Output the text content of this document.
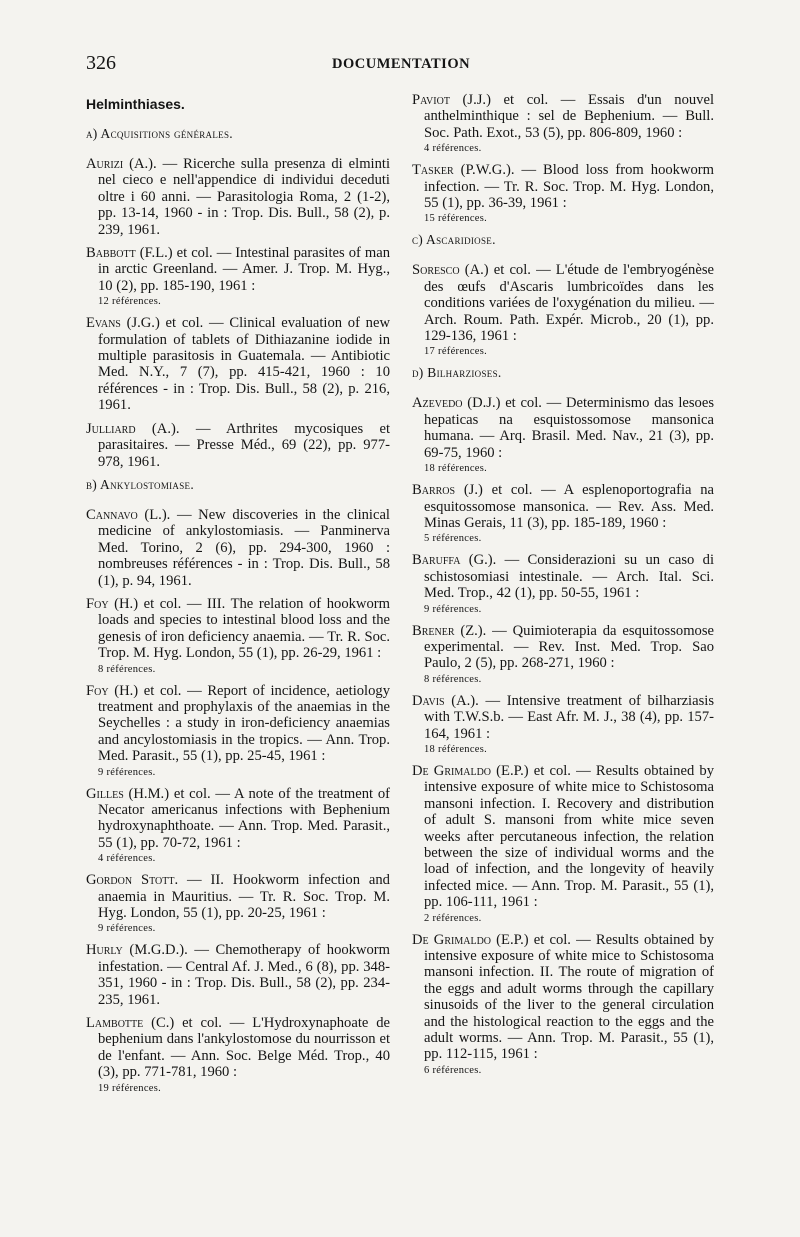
326	DOCUMENTATION
Helminthiases.
a) Acquisitions générales.
Aurizi (A.). — Ricerche sulla presenza di elminti nel cieco e nell'appendice di individui deceduti oltre i 60 anni. — Parasitologia Roma, 2 (1-2), pp. 13-14, 1960 - in : Trop. Dis. Bull., 58 (2), p. 239, 1961.
Babbott (F.L.) et col. — Intestinal parasites of man in arctic Greenland. — Amer. J. Trop. M. Hyg., 10 (2), pp. 185-190, 1961 :
12 références.
Evans (J.G.) et col. — Clinical evaluation of new formulation of tablets of Dithiazanine iodide in multiple parasitosis in Guatemala. — Antibiotic Med. N.Y., 7 (7), pp. 415-421, 1960 : 10 références - in : Trop. Dis. Bull., 58 (2), p. 216, 1961.
Julliard (A.). — Arthrites mycosiques et parasitaires. — Presse Méd., 69 (22), pp. 977-978, 1961.
b) Ankylostomiase.
Cannavo (L.). — New discoveries in the clinical medicine of ankylostomiasis. — Panminerva Med. Torino, 2 (6), pp. 294-300, 1960 : nombreuses références - in : Trop. Dis. Bull., 58 (1), p. 94, 1961.
Foy (H.) et col. — III. The relation of hookworm loads and species to intestinal blood loss and the genesis of iron deficiency anaemia. — Tr. R. Soc. Trop. M. Hyg. London, 55 (1), pp. 26-29, 1961 :
8 références.
Foy (H.) et col. — Report of incidence, aetiology treatment and prophylaxis of the anaemias in the Seychelles : a study in iron-deficiency anaemias and ancylostomiasis in the tropics. — Ann. Trop. Med. Parasit., 55 (1), pp. 25-45, 1961 :
9 références.
Gilles (H.M.) et col. — A note of the treatment of Necator americanus infections with Bephenium hydroxynaphthoate. — Ann. Trop. Med. Parasit., 55 (1), pp. 70-72, 1961 :
4 références.
Gordon Stott. — II. Hookworm infection and anaemia in Mauritius. — Tr. R. Soc. Trop. M. Hyg. London, 55 (1), pp. 20-25, 1961 :
9 références.
Hurly (M.G.D.). — Chemotherapy of hookworm infestation. — Central Af. J. Med., 6 (8), pp. 348-351, 1960 - in : Trop. Dis. Bull., 58 (2), pp. 234-235, 1961.
Lambotte (C.) et col. — L'Hydroxynaphoate de bephenium dans l'ankylostomose du nourrisson et de l'enfant. — Ann. Soc. Belge Méd. Trop., 40 (3), pp. 771-781, 1960 :
19 références.
Paviot (J.J.) et col. — Essais d'un nouvel anthelminthique : sel de Bephenium. — Bull. Soc. Path. Exot., 53 (5), pp. 806-809, 1960 :
4 références.
Tasker (P.W.G.). — Blood loss from hookworm infection. — Tr. R. Soc. Trop. M. Hyg. London, 55 (1), pp. 36-39, 1961 :
15 références.
c) Ascaridiose.
Soresco (A.) et col. — L'étude de l'embryogénèse des œufs d'Ascaris lumbricoïdes dans les conditions variées de l'oxygénation du milieu. — Arch. Roum. Path. Expér. Microb., 20 (1), pp. 129-136, 1961 :
17 références.
d) Bilharzioses.
Azevedo (D.J.) et col. — Determinismo das lesoes hepaticas na esquistossomose mansonica humana. — Arq. Brasil. Med. Nav., 21 (3), pp. 69-75, 1960 :
18 références.
Barros (J.) et col. — A esplenoportografia na esquitossomose mansonica. — Rev. Ass. Med. Minas Gerais, 11 (3), pp. 185-189, 1960 :
5 références.
Baruffa (G.). — Considerazioni su un caso di schistosomiasi intestinale. — Arch. Ital. Sci. Med. Trop., 42 (1), pp. 50-55, 1961 :
9 références.
Brener (Z.). — Quimioterapia da esquitossomose experimental. — Rev. Inst. Med. Trop. Sao Paulo, 2 (5), pp. 268-271, 1960 :
8 références.
Davis (A.). — Intensive treatment of bilharziasis with T.W.S.b. — East Afr. M. J., 38 (4), pp. 157-164, 1961 :
18 références.
De Grimaldo (E.P.) et col. — Results obtained by intensive exposure of white mice to Schistosoma mansoni infection. I. Recovery and distribution of adult S. mansoni from white mice seven weeks after percutaneous infection, the relation between the size of individual worms and the load of infection, and the longevity of heavily infected mice. — Ann. Trop. M. Parasit., 55 (1), pp. 106-111, 1961 :
2 références.
De Grimaldo (E.P.) et col. — Results obtained by intensive exposure of white mice to Schistosoma mansoni infection. II. The route of migration of the eggs and adult worms through the capillary sinusoids of the liver to the general circulation and the histological reaction to the eggs and the adult worms. — Ann. Trop. M. Parasit., 55 (1), pp. 112-115, 1961 :
6 références.
